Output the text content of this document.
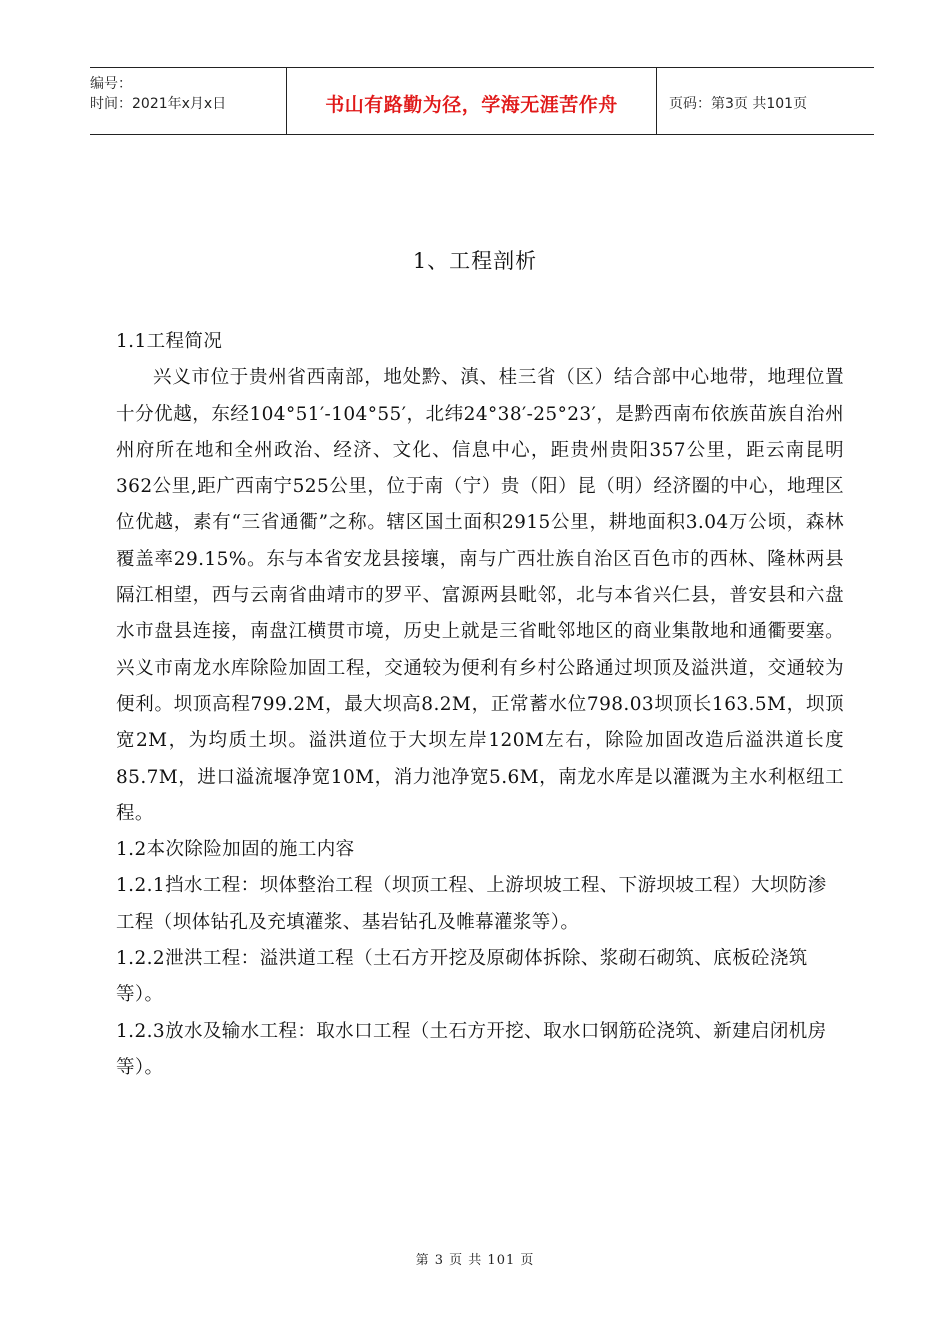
编号：
时间：2021年x月x日	书山有路勤为径，学海无涯苦作舟	页码：第3页 共101页
1、工程剖析

1.1工程简况

兴义市位于贵州省西南部，地处黔、滇、桂三省（区）结合部中心地带，地理位置十分优越，东经104°51′-104°55′，北纬24°38′-25°23′，是黔西南布依族苗族自治州州府所在地和全州政治、经济、文化、信息中心，距贵州贵阳357公里，距云南昆明362公里,距广西南宁525公里，位于南（宁）贵（阳）昆（明）经济圈的中心，地理区位优越，素有“三省通衢”之称。辖区国土面积2915公里，耕地面积3.04万公顷，森林覆盖率29.15%。东与本省安龙县接壤，南与广西壮族自治区百色市的西林、隆林两县隔江相望，西与云南省曲靖市的罗平、富源两县毗邻，北与本省兴仁县，普安县和六盘水市盘县连接，南盘江横贯市境，历史上就是三省毗邻地区的商业集散地和通衢要塞。兴义市南龙水库除险加固工程，交通较为便利有乡村公路通过坝顶及溢洪道，交通较为便利。坝顶高程799.2M，最大坝高8.2M，正常蓄水位798.03坝顶长163.5M，坝顶宽2M，为均质土坝。溢洪道位于大坝左岸120M左右，除险加固改造后溢洪道长度85.7M，进口溢流堰净宽10M，消力池净宽5.6M，南龙水库是以灌溉为主水利枢纽工程。

1.2本次除险加固的施工内容

1.2.1挡水工程：坝体整治工程（坝顶工程、上游坝坡工程、下游坝坡工程）大坝防渗工程（坝体钻孔及充填灌浆、基岩钻孔及帷幕灌浆等）。

1.2.2泄洪工程：溢洪道工程（土石方开挖及原砌体拆除、浆砌石砌筑、底板砼浇筑等）。

1.2.3放水及输水工程：取水口工程（土石方开挖、取水口钢筋砼浇筑、新建启闭机房等）。

第 3 页 共 101 页
